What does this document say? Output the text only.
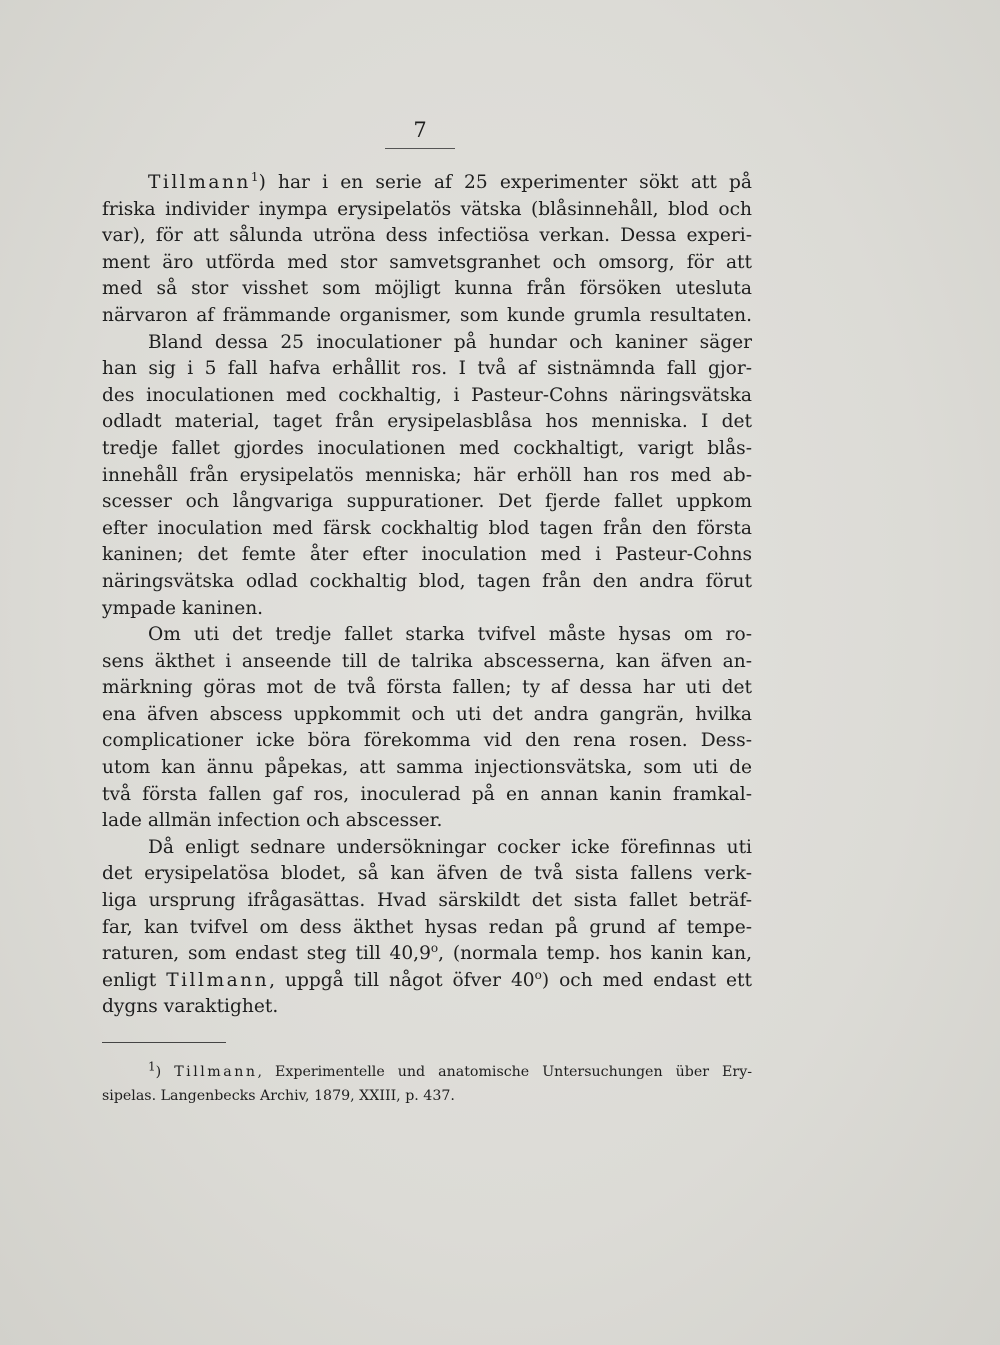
7
Tillmann$^1$) har i en serie af 25 experimenter sökt att på
friska individer inympa erysipelatös vätska (blåsinnehåll, blod och
var), för att sålunda utröna dess infectiösa verkan. Dessa experi-
ment äro utförda med stor samvetsgranhet och omsorg, för att
med så stor visshet som möjligt kunna från försöken utesluta
närvaron af främmande organismer, som kunde grumla resultaten.
Bland dessa 25 inoculationer på hundar och kaniner säger
han sig i 5 fall hafva erhållit ros. I två af sistnämnda fall gjor-
des inoculationen med cockhaltig, i Pasteur-Cohns näringsvätska
odladt material, taget från erysipelasblåsa hos menniska. I det
tredje fallet gjordes inoculationen med cockhaltigt, varigt blås-
innehåll från erysipelatös menniska; här erhöll han ros med ab-
scesser och långvariga suppurationer. Det fjerde fallet uppkom
efter inoculation med färsk cockhaltig blod tagen från den första
kaninen; det femte åter efter inoculation med i Pasteur-Cohns
näringsvätska odlad cockhaltig blod, tagen från den andra förut
ympade kaninen.
Om uti det tredje fallet starka tvifvel måste hysas om ro-
sens äkthet i anseende till de talrika abscesserna, kan äfven an-
märkning göras mot de två första fallen; ty af dessa har uti det
ena äfven abscess uppkommit och uti det andra gangrän, hvilka
complicationer icke böra förekomma vid den rena rosen. Dess-
utom kan ännu påpekas, att samma injectionsvätska, som uti de
två första fallen gaf ros, inoculerad på en annan kanin framkal-
lade allmän infection och abscesser.
Då enligt sednare undersökningar cocker icke förefinnas uti
det erysipelatösa blodet, så kan äfven de två sista fallens verk-
liga ursprung ifrågasättas. Hvad särskildt det sista fallet beträf-
far, kan tvifvel om dess äkthet hysas redan på grund af tempe-
raturen, som endast steg till 40,9$^o$, (normala temp. hos kanin kan,
enligt Tillmann, uppgå till något öfver 40$^o$) och med endast ett
dygns varaktighet.
$^1$) Tillmann, Experimentelle und anatomische Untersuchungen über Ery-
sipelas. Langenbecks Archiv, 1879, XXIII, p. 437.
